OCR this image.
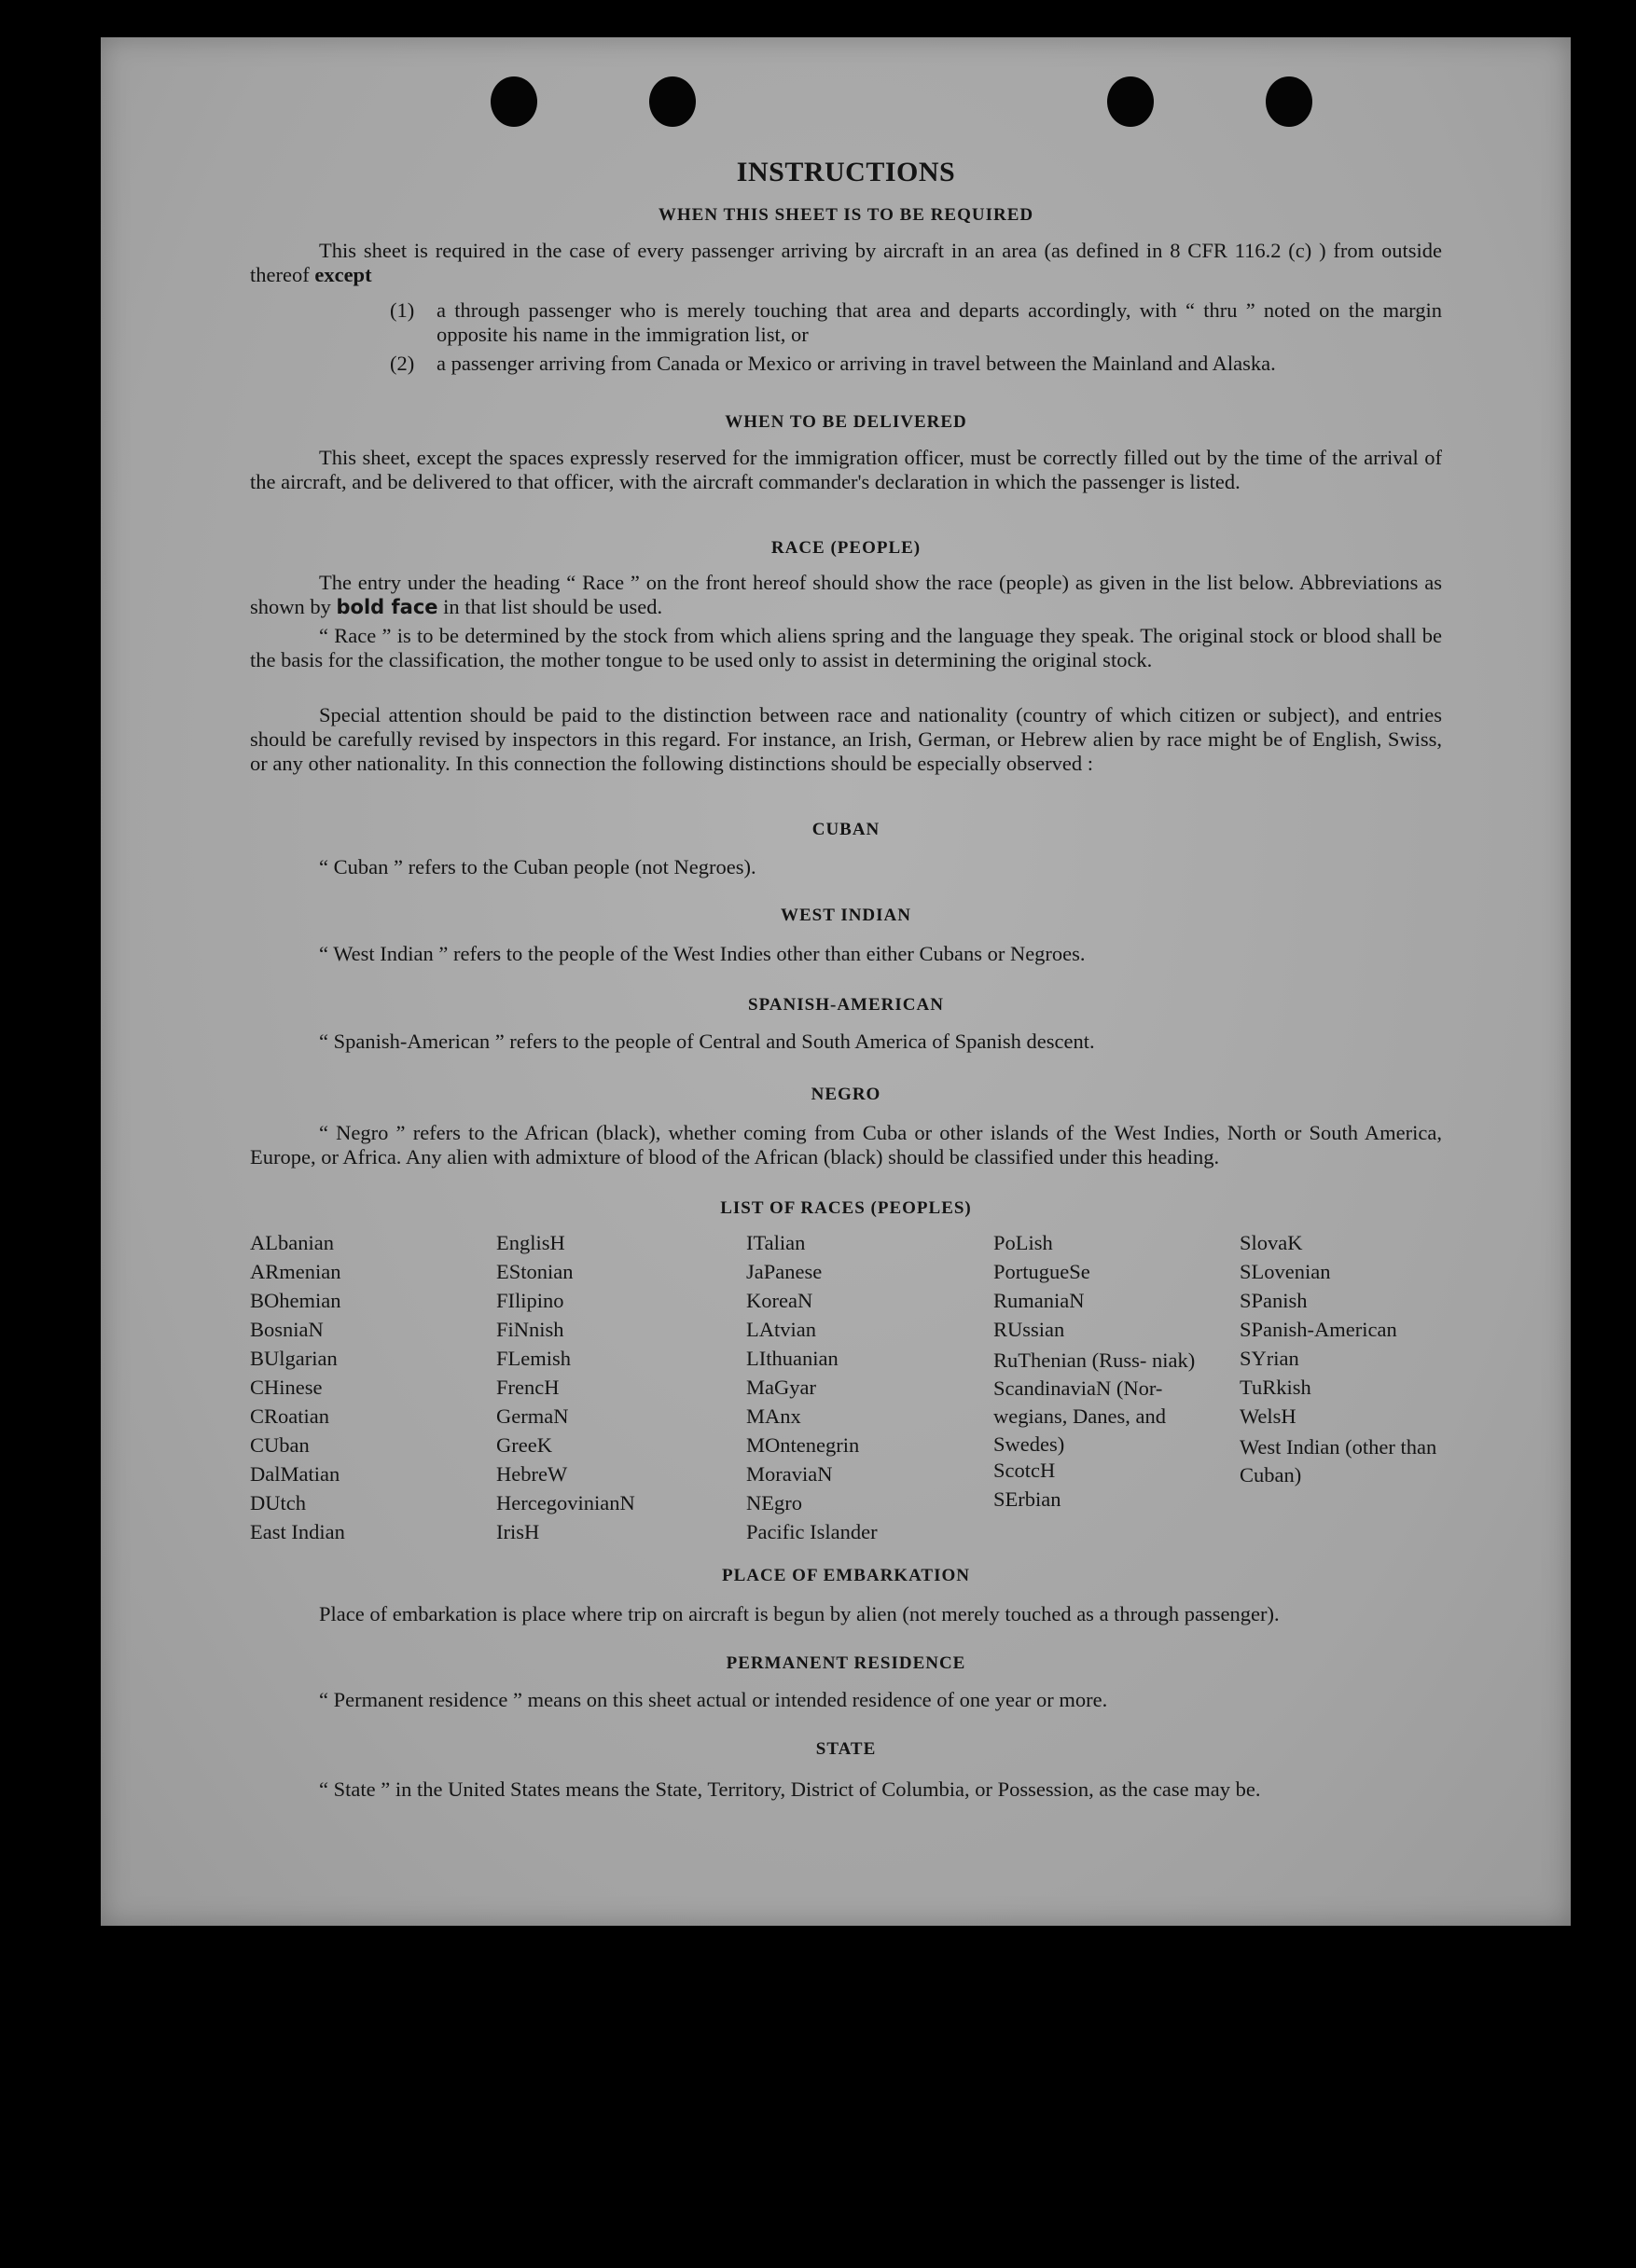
INSTRUCTIONS
WHEN THIS SHEET IS TO BE REQUIRED
This sheet is required in the case of every passenger arriving by aircraft in an area (as defined in 8 CFR 116.2 (c) ) from outside thereof except
(1) a through passenger who is merely touching that area and departs accordingly, with “ thru ” noted on the margin opposite his name in the immigration list, or
(2) a passenger arriving from Canada or Mexico or arriving in travel between the Mainland and Alaska.
WHEN TO BE DELIVERED
This sheet, except the spaces expressly reserved for the immigration officer, must be correctly filled out by the time of the arrival of the aircraft, and be delivered to that officer, with the aircraft commander's declaration in which the passenger is listed.
RACE (PEOPLE)
The entry under the heading “ Race ” on the front hereof should show the race (people) as given in the list below. Abbreviations as shown by bold face in that list should be used.
“ Race ” is to be determined by the stock from which aliens spring and the language they speak. The original stock or blood shall be the basis for the classification, the mother tongue to be used only to assist in determining the original stock.
Special attention should be paid to the distinction between race and nationality (country of which citizen or subject), and entries should be carefully revised by inspectors in this regard. For instance, an Irish, German, or Hebrew alien by race might be of English, Swiss, or any other nationality. In this connection the following distinctions should be especially observed :
CUBAN
“ Cuban ” refers to the Cuban people (not Negroes).
WEST INDIAN
“ West Indian ” refers to the people of the West Indies other than either Cubans or Negroes.
SPANISH-AMERICAN
“ Spanish-American ” refers to the people of Central and South America of Spanish descent.
NEGRO
“ Negro ” refers to the African (black), whether coming from Cuba or other islands of the West Indies, North or South America, Europe, or Africa. Any alien with admixture of blood of the African (black) should be classified under this heading.
LIST OF RACES (PEOPLES)
ALbanian
ARmenian
BOhemian
BosniaN
BUlgarian
CHinese
CRoatian
CUban
DalMatian
DUtch
East Indian
EnglisH
EStonian
FIlipino
FiNnish
FLemish
FrencH
GermaN
GreeK
HebreW
HercegovinianN
IrisH
ITalian
JaPanese
KoreaN
LAtvian
LIthuanian
MaGyar
MAnx
MOntenegrin
MoraviaN
NEgro
Pacific Islander
PoLish
PortugueSe
RumaniaN
RUssian
RuThenian (Russ- niak)
ScandinaviaN (Nor- wegians, Danes, and Swedes)
ScotcH
SErbian
SlovaK
SLovenian
SPanish
SPanish-American
SYrian
TuRkish
WelsH
West Indian (other than Cuban)
PLACE OF EMBARKATION
Place of embarkation is place where trip on aircraft is begun by alien (not merely touched as a through passenger).
PERMANENT RESIDENCE
“ Permanent residence ” means on this sheet actual or intended residence of one year or more.
STATE
“ State ” in the United States means the State, Territory, District of Columbia, or Possession, as the case may be.
